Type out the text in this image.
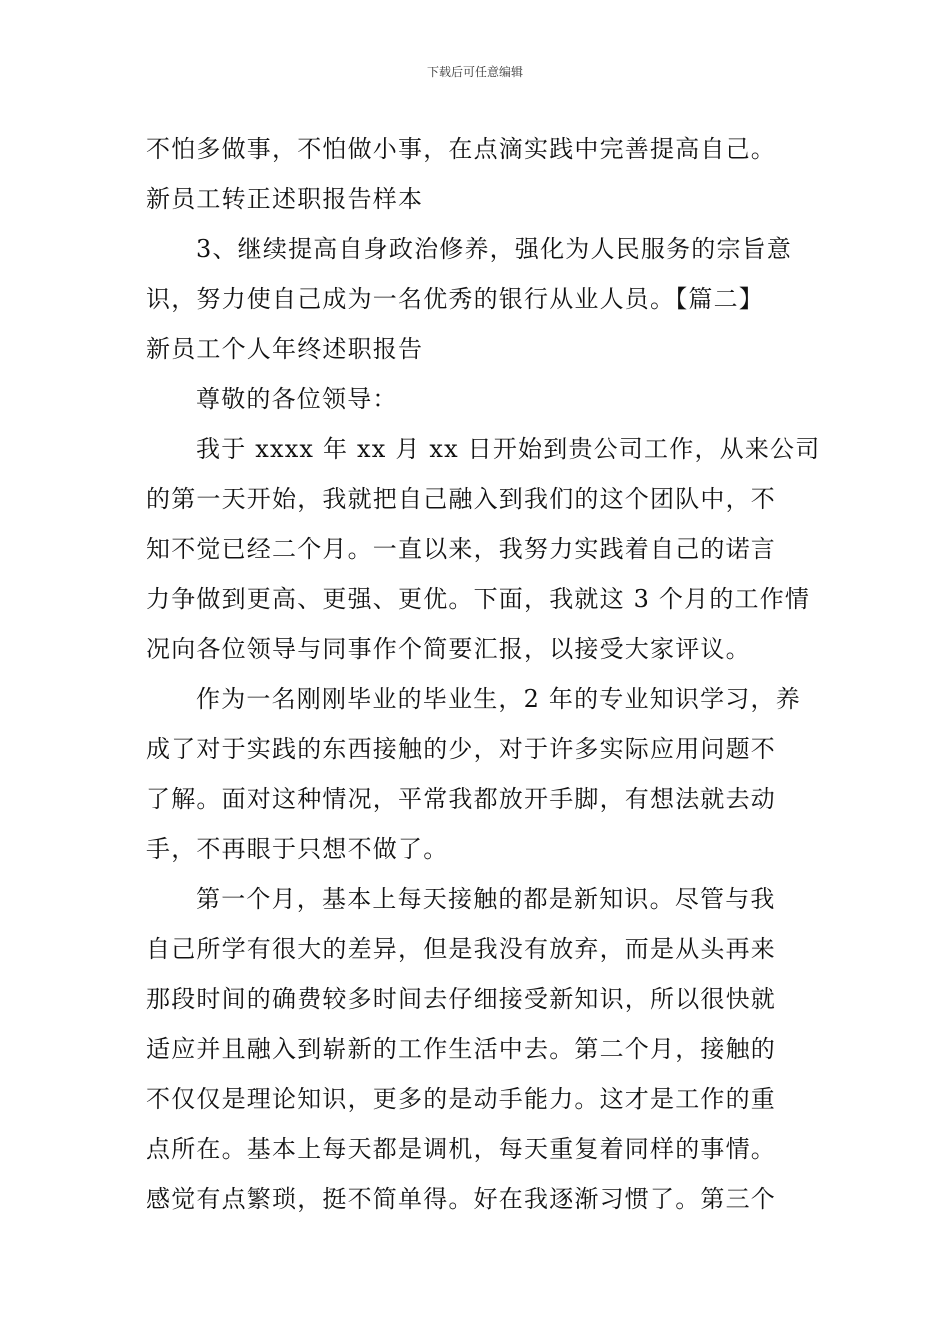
下载后可任意编辑
不怕多做事，不怕做小事，在点滴实践中完善提高自己。
新员工转正述职报告样本
3、继续提高自身政治修养，强化为人民服务的宗旨意
识，努力使自己成为一名优秀的银行从业人员。【篇二】
新员工个人年终述职报告
尊敬的各位领导：
我于 xxxx 年 xx 月 xx 日开始到贵公司工作，从来公司
的第一天开始，我就把自己融入到我们的这个团队中，不
知不觉已经二个月。一直以来，我努力实践着自己的诺言
力争做到更高、更强、更优。下面，我就这 3 个月的工作情
况向各位领导与同事作个简要汇报，以接受大家评议。
作为一名刚刚毕业的毕业生，2 年的专业知识学习，养
成了对于实践的东西接触的少，对于许多实际应用问题不
了解。面对这种情况，平常我都放开手脚，有想法就去动
手，不再眼于只想不做了。
第一个月，基本上每天接触的都是新知识。尽管与我
自己所学有很大的差异，但是我没有放弃，而是从头再来
那段时间的确费较多时间去仔细接受新知识，所以很快就
适应并且融入到崭新的工作生活中去。第二个月，接触的
不仅仅是理论知识，更多的是动手能力。这才是工作的重
点所在。基本上每天都是调机，每天重复着同样的事情。
感觉有点繁琐，挺不简单得。好在我逐渐习惯了。第三个
